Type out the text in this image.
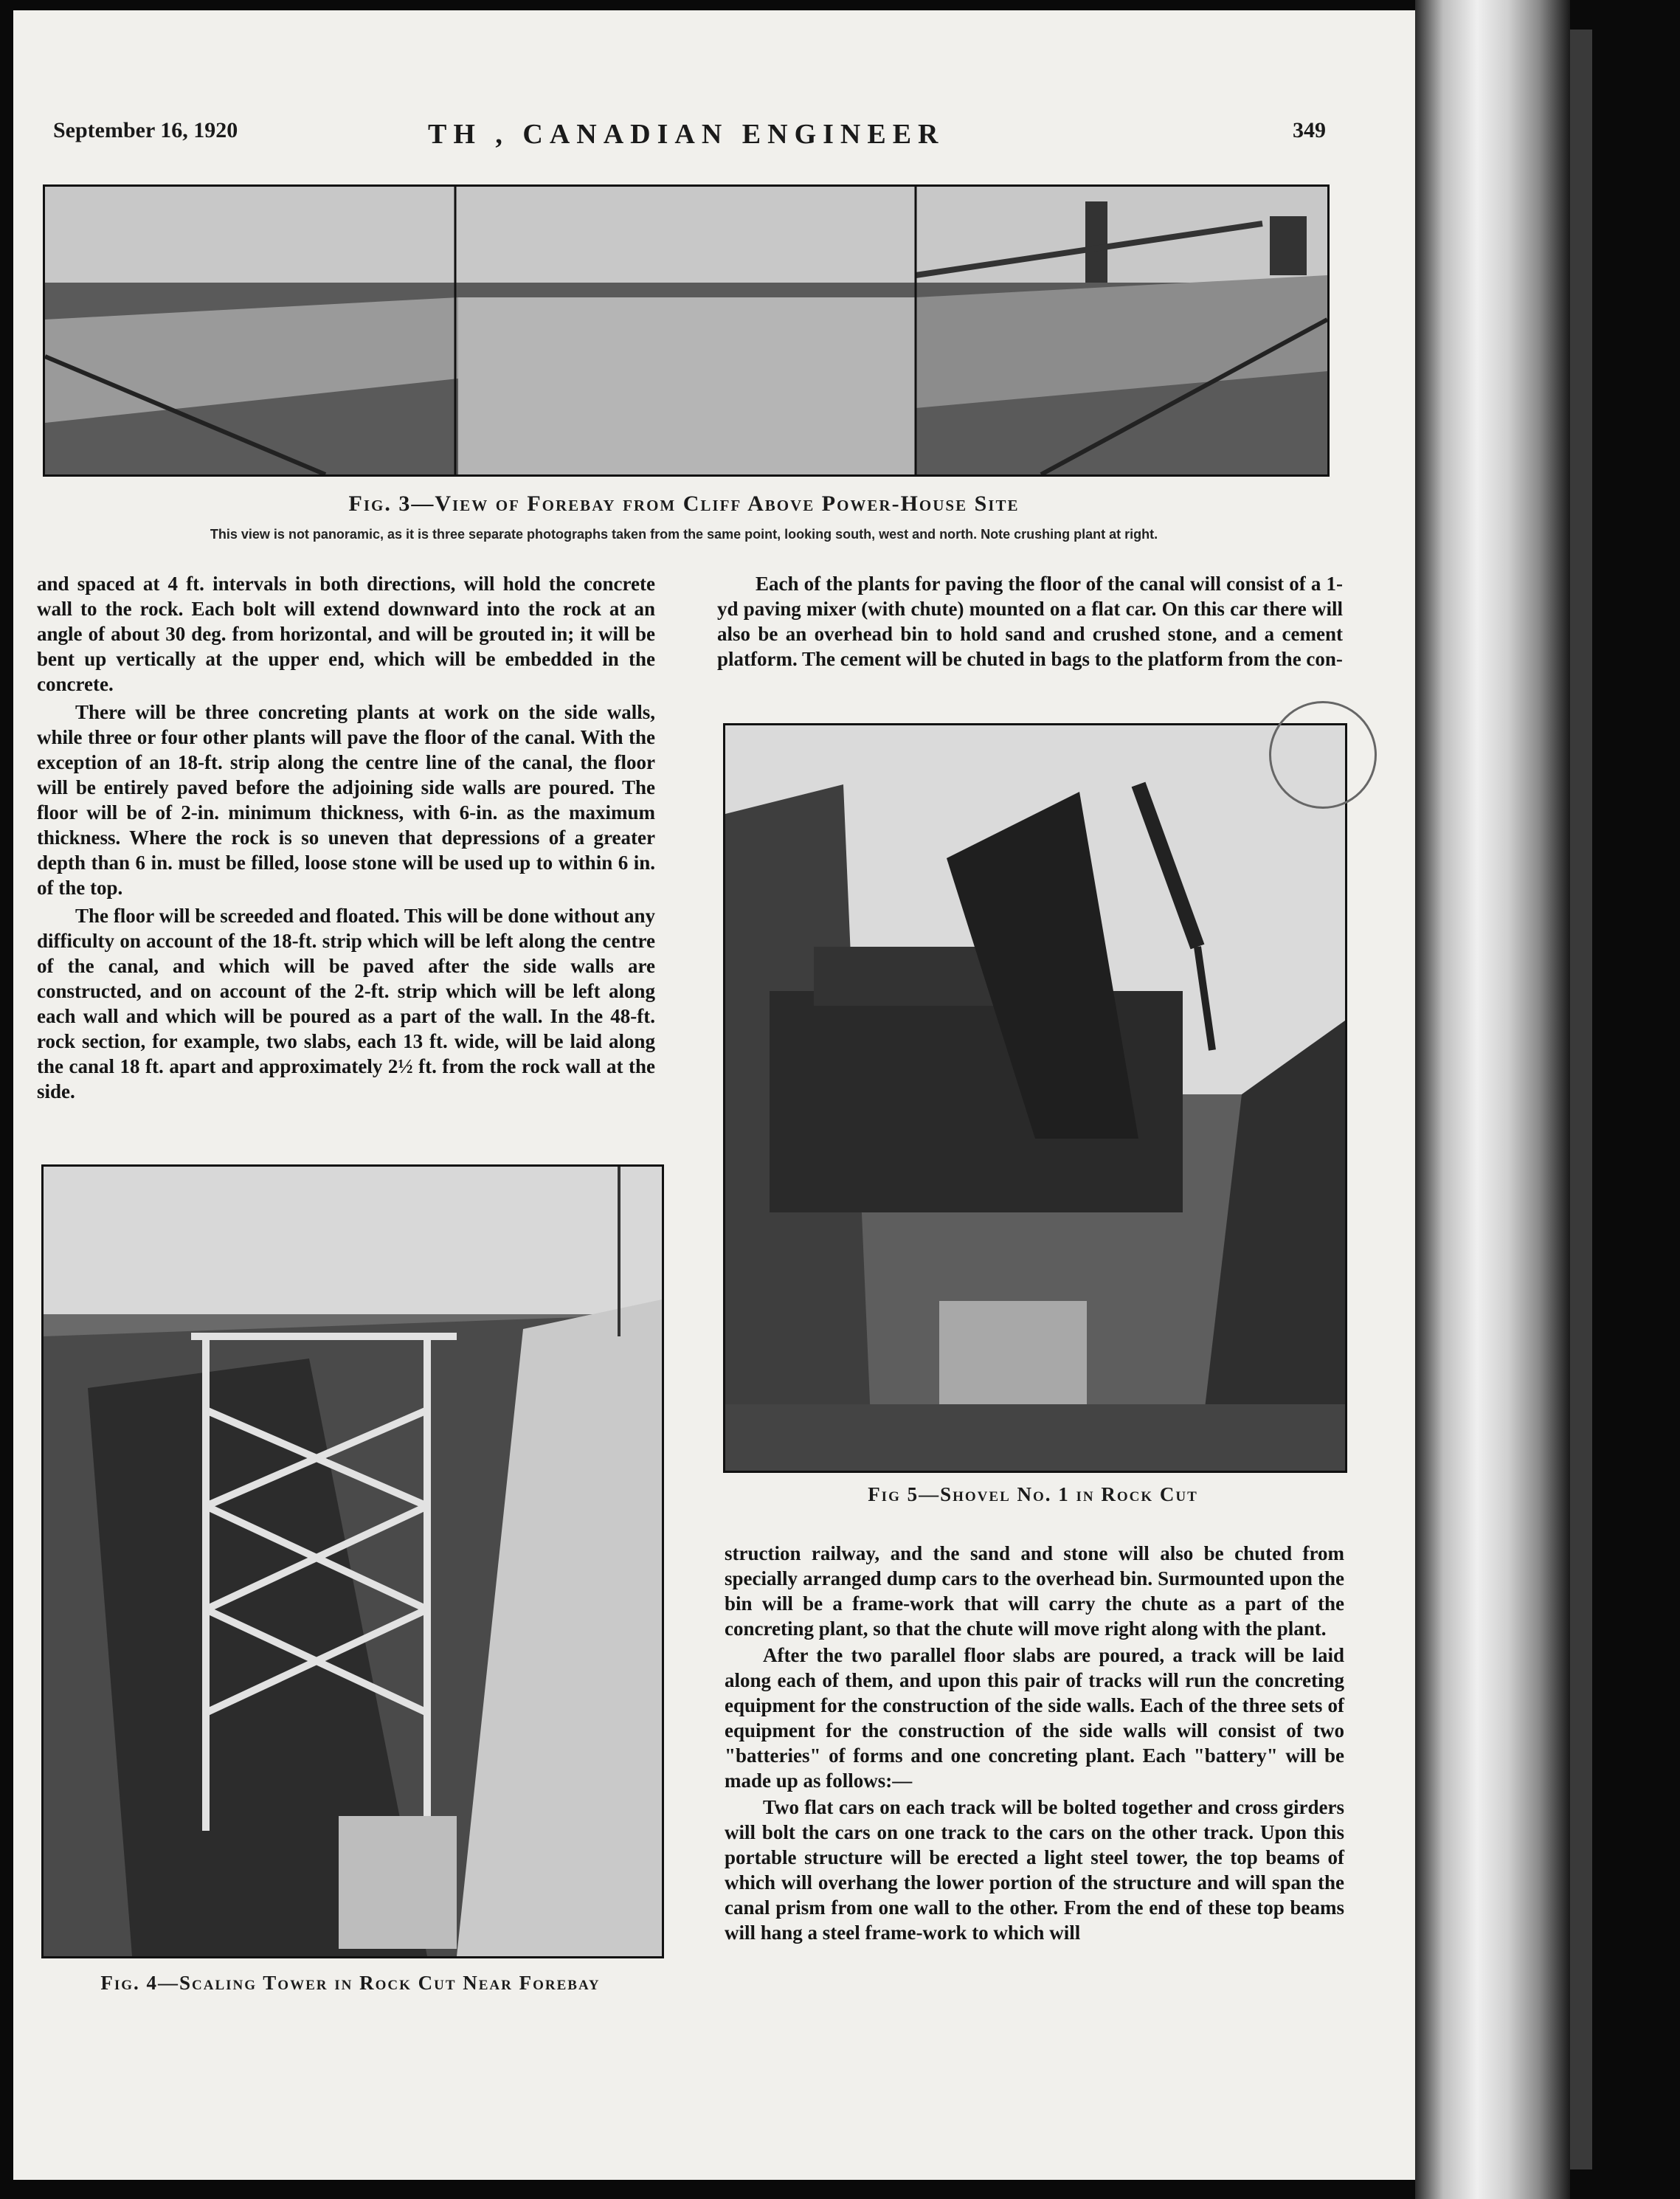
September 16, 1920	TH , CANADIAN ENGINEER	349
Fig. 3—View of Forebay from Cliff Above Power-House Site
This view is not panoramic, as it is three separate photographs taken from the same point, looking south, west and north. Note crushing plant at right.

and spaced at 4 ft. intervals in both directions, will hold the concrete wall to the rock. Each bolt will extend downward into the rock at an angle of about 30 deg. from horizontal, and will be grouted in; it will be bent up vertically at the upper end, which will be embedded in the concrete.

There will be three concreting plants at work on the side walls, while three or four other plants will pave the floor of the canal. With the exception of an 18-ft. strip along the centre line of the canal, the floor will be entirely paved before the adjoining side walls are poured. The floor will be of 2-in. minimum thickness, with 6-in. as the maximum thickness. Where the rock is so uneven that depressions of a greater depth than 6 in. must be filled, loose stone will be used up to within 6 in. of the top.

The floor will be screeded and floated. This will be done without any difficulty on account of the 18-ft. strip which will be left along the centre of the canal, and which will be paved after the side walls are constructed, and on account of the 2-ft. strip which will be left along each wall and which will be poured as a part of the wall. In the 48-ft. rock section, for example, two slabs, each 13 ft. wide, will be laid along the canal 18 ft. apart and approximately 2½ ft. from the rock wall at the side.

Fig. 4—Scaling Tower in Rock Cut Near Forebay
Fig 5—Shovel No. 1 in Rock Cut

Each of the plants for paving the floor of the canal will consist of a 1-yd paving mixer (with chute) mounted on a flat car. On this car there will also be an overhead bin to hold sand and crushed stone, and a cement platform. The cement will be chuted in bags to the platform from the con-

struction railway, and the sand and stone will also be chuted from specially arranged dump cars to the overhead bin. Surmounted upon the bin will be a frame-work that will carry the chute as a part of the concreting plant, so that the chute will move right along with the plant.

After the two parallel floor slabs are poured, a track will be laid along each of them, and upon this pair of tracks will run the concreting equipment for the construction of the side walls. Each of the three sets of equipment for the construction of the side walls will consist of two "batteries" of forms and one concreting plant. Each "battery" will be made up as follows:—

Two flat cars on each track will be bolted together and cross girders will bolt the cars on one track to the cars on the other track. Upon this portable structure will be erected a light steel tower, the top beams of which will overhang the lower portion of the structure and will span the canal prism from one wall to the other. From the end of these top beams will hang a steel frame-work to which will
